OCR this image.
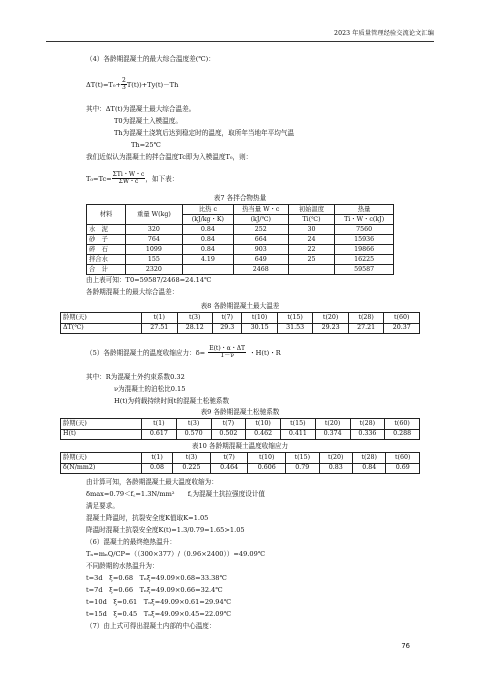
2023 年质量管理经验交流论文汇编
（4）各龄期混凝土的最大综合温度差(℃)：
$\Delta T(t)=T_0+ \frac{2}{3} T(t))+Ty(t)-Th$
其中：ΔT(t)为混凝土最大综合温差。
T0为混凝土入模温度。
Th为混凝土浇筑后达到稳定时的温度，取所年当地年平均气温
Th=25℃
我们近似认为混凝土的拌合温度Tc即为入模温度T₀，则：
$T_0=Tc= \frac{\text{ΣTi・W・c}}{\Sigma W・c}$ ，如下表：
表7 各拌合物热量
材料	重量 W(kg)	比热 c	热当量 W・c	初始温度	热量
		(kJ/kg・K)	(kJ/℃)	Ti(℃)	Ti・W・c(kJ)
水　泥	320	0.84	252	30	7560
砂　子	764	0.84	664	24	15936
碎　石	1099	0.84	903	22	19866
拌合水	155	4.19	649	25	16225
合　计	2320		2468		59587
由上表可知：T0=59587/2468=24.14℃
各龄期混凝土的最大综合温差：
表8 各龄期混凝土最大温差
龄期(天)	t(1)	t(3)	t(7)	t(10)	t(15)	t(20)	t(28)	t(60)
ΔT(℃)	27.51	28.12	29.3	30.15	31.53	29.23	27.21	20.37
（5）各龄期混凝土的温度收缩应力：$\delta= \frac{E(t)・\alpha・\Delta T}{1-\nu}$ ・H(t)・R
其中：R为混凝土外约束系数0.32
ν为混凝土的泊松比0.15
H(t)为荷载持续时间t的混凝土松驰系数
表9 各龄期混凝土松驰系数
龄期(天)	t(1)	t(3)	t(7)	t(10)	t(15)	t(20)	t(28)	t(60)
H(t)	0.617	0.570	0.502	0.462	0.411	0.374	0.336	0.288
表10 各龄期混凝土温度收缩应力
龄期(天)	t(1)	t(3)	t(7)	t(10)	t(15)	t(20)	t(28)	t(60)
δ(N/mm2)	0.08	0.225	0.464	0.606	0.79	0.83	0.84	0.69
由计算可知，各龄期混凝土最大温度收缩为：
δmax=0.79＜f꜀=1.3N/mm²　　f꜀为混凝土抗拉强度设计值
满足要求。
混凝土降温时，抗裂安全度K值取K=1.05
降温时混凝土抗裂安全度K(t)=1.3/0.79=1.65>1.05
（6）混凝土的最终绝热温升：
Tₙ=mₙQ/CP=（（300×377）/（0.96×2400））=49.09℃
不同龄期的水热温升为：
t=3d　ξ=0.68　Tₙξ=49.09×0.68=33.38℃
t=7d　ξ=0.66　Tₙξ=49.09×0.66=32.4℃
t=10d　ξ=0.61　Tₙξ=49.09×0.61=29.94℃
t=15d　ξ=0.45　Tₙξ=49.09×0.45=22.09℃
（7）由上式可得出混凝土内部的中心温度：
76
